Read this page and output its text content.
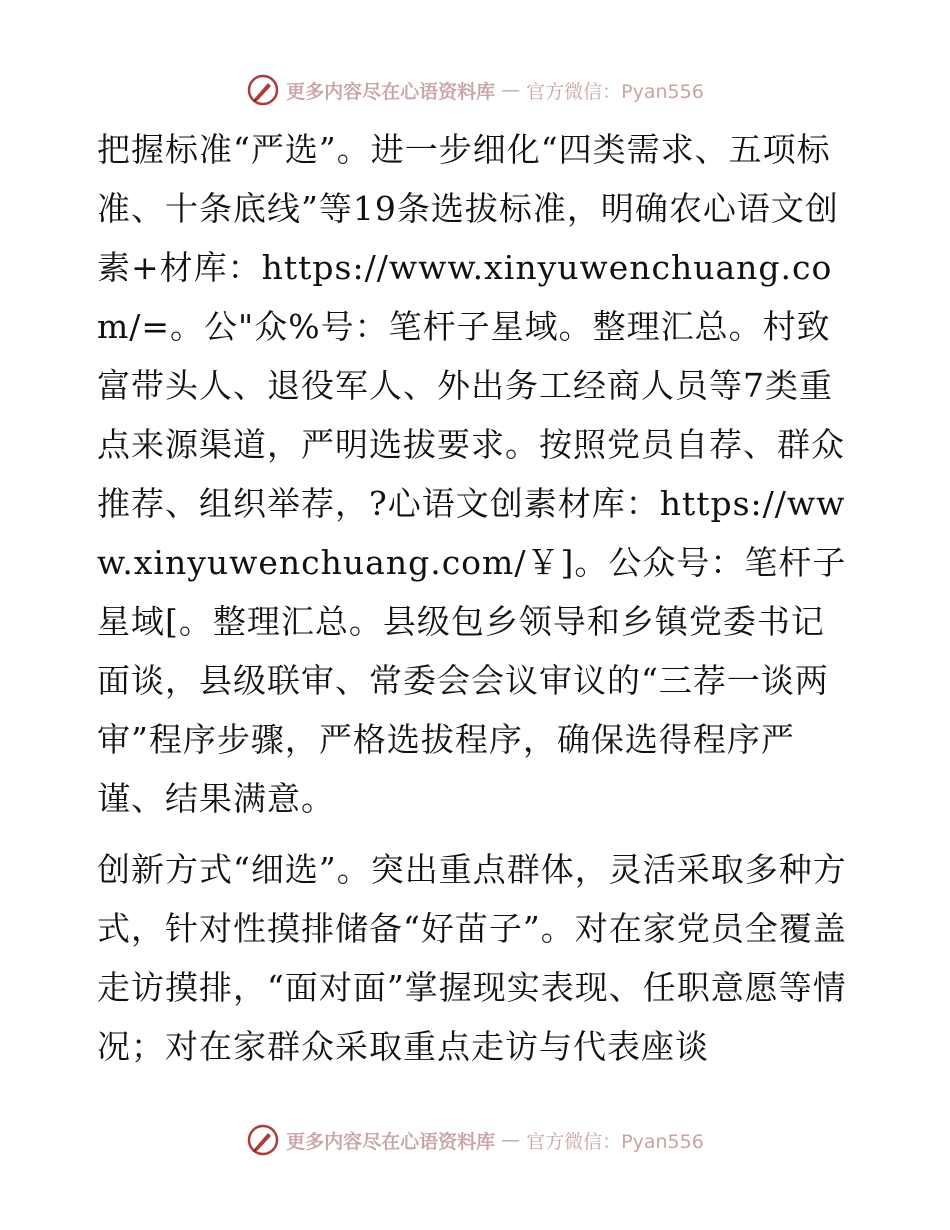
更多内容尽在心语资料库 — 官方微信：Pyan556

把握标准“严选”。进一步细化“四类需求、五项标准、十条底线”等19条选拔标准，明确农心语文创素+材库：https://www.xinyuwenchuang.com/=。公"众%号：笔杆子星域。整理汇总。村致富带头人、退役军人、外出务工经商人员等7类重点来源渠道，严明选拔要求。按照党员自荐、群众推荐、组织举荐，?心语文创素材库：https://www.xinyuwenchuang.com/￥]。公众号：笔杆子星域[。整理汇总。县级包乡领导和乡镇党委书记面谈，县级联审、常委会会议审议的“三荐一谈两审”程序步骤，严格选拔程序，确保选得程序严谨、结果满意。

创新方式“细选”。突出重点群体，灵活采取多种方式，针对性摸排储备“好苗子”。对在家党员全覆盖走访摸排，“面对面”掌握现实表现、任职意愿等情况；对在家群众采取重点走访与代表座谈

更多内容尽在心语资料库 — 官方微信：Pyan556
